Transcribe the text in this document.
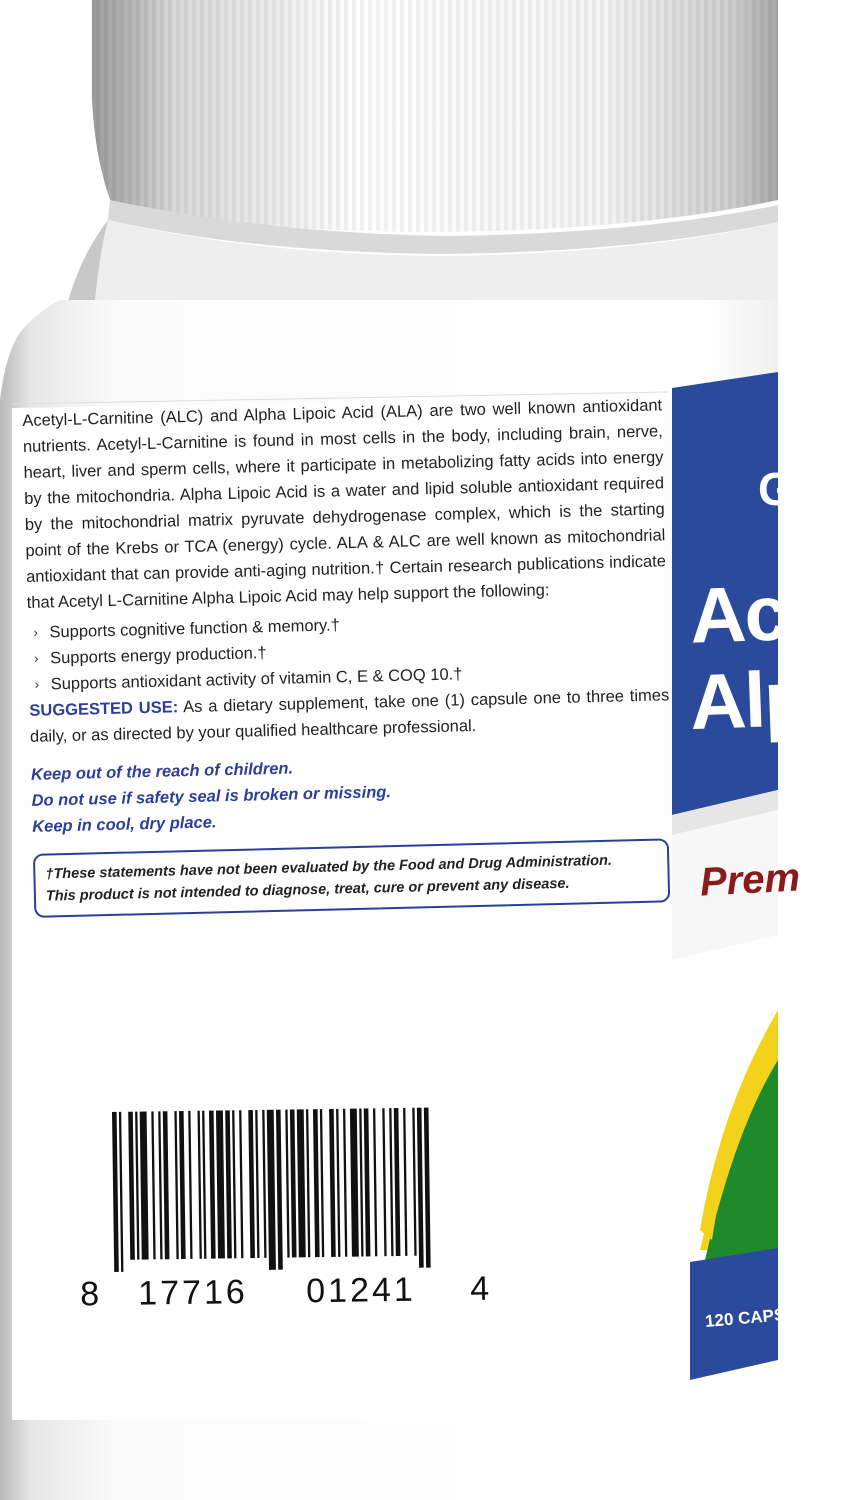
G
Acet
Alp
Prem
120 CAPSU

Acetyl-L-Carnitine (ALC) and Alpha Lipoic Acid (ALA) are two well known antioxidant nutrients. Acetyl-L-Carnitine is found in most cells in the body, including brain, nerve, heart, liver and sperm cells, where it participate in metabolizing fatty acids into energy by the mitochondria. Alpha Lipoic Acid is a water and lipid soluble antioxidant required by the mitochondrial matrix pyruvate dehydrogenase complex, which is the starting point of the Krebs or TCA (energy) cycle. ALA & ALC are well known as mitochondrial antioxidant that can provide anti-aging nutrition.† Certain research publications indicate that Acetyl L-Carnitine Alpha Lipoic Acid may help support the following:

› Supports cognitive function & memory.†
› Supports energy production.†
› Supports antioxidant activity of vitamin C, E & COQ 10.†

SUGGESTED USE: As a dietary supplement, take one (1) capsule one to three times daily, or as directed by your qualified healthcare professional.

Keep out of the reach of children.
Do not use if safety seal is broken or missing.
Keep in cool, dry place.
†These statements have not been evaluated by the Food and Drug Administration.
This product is not intended to diagnose, treat, cure or prevent any disease.
8 17716 01241 4
